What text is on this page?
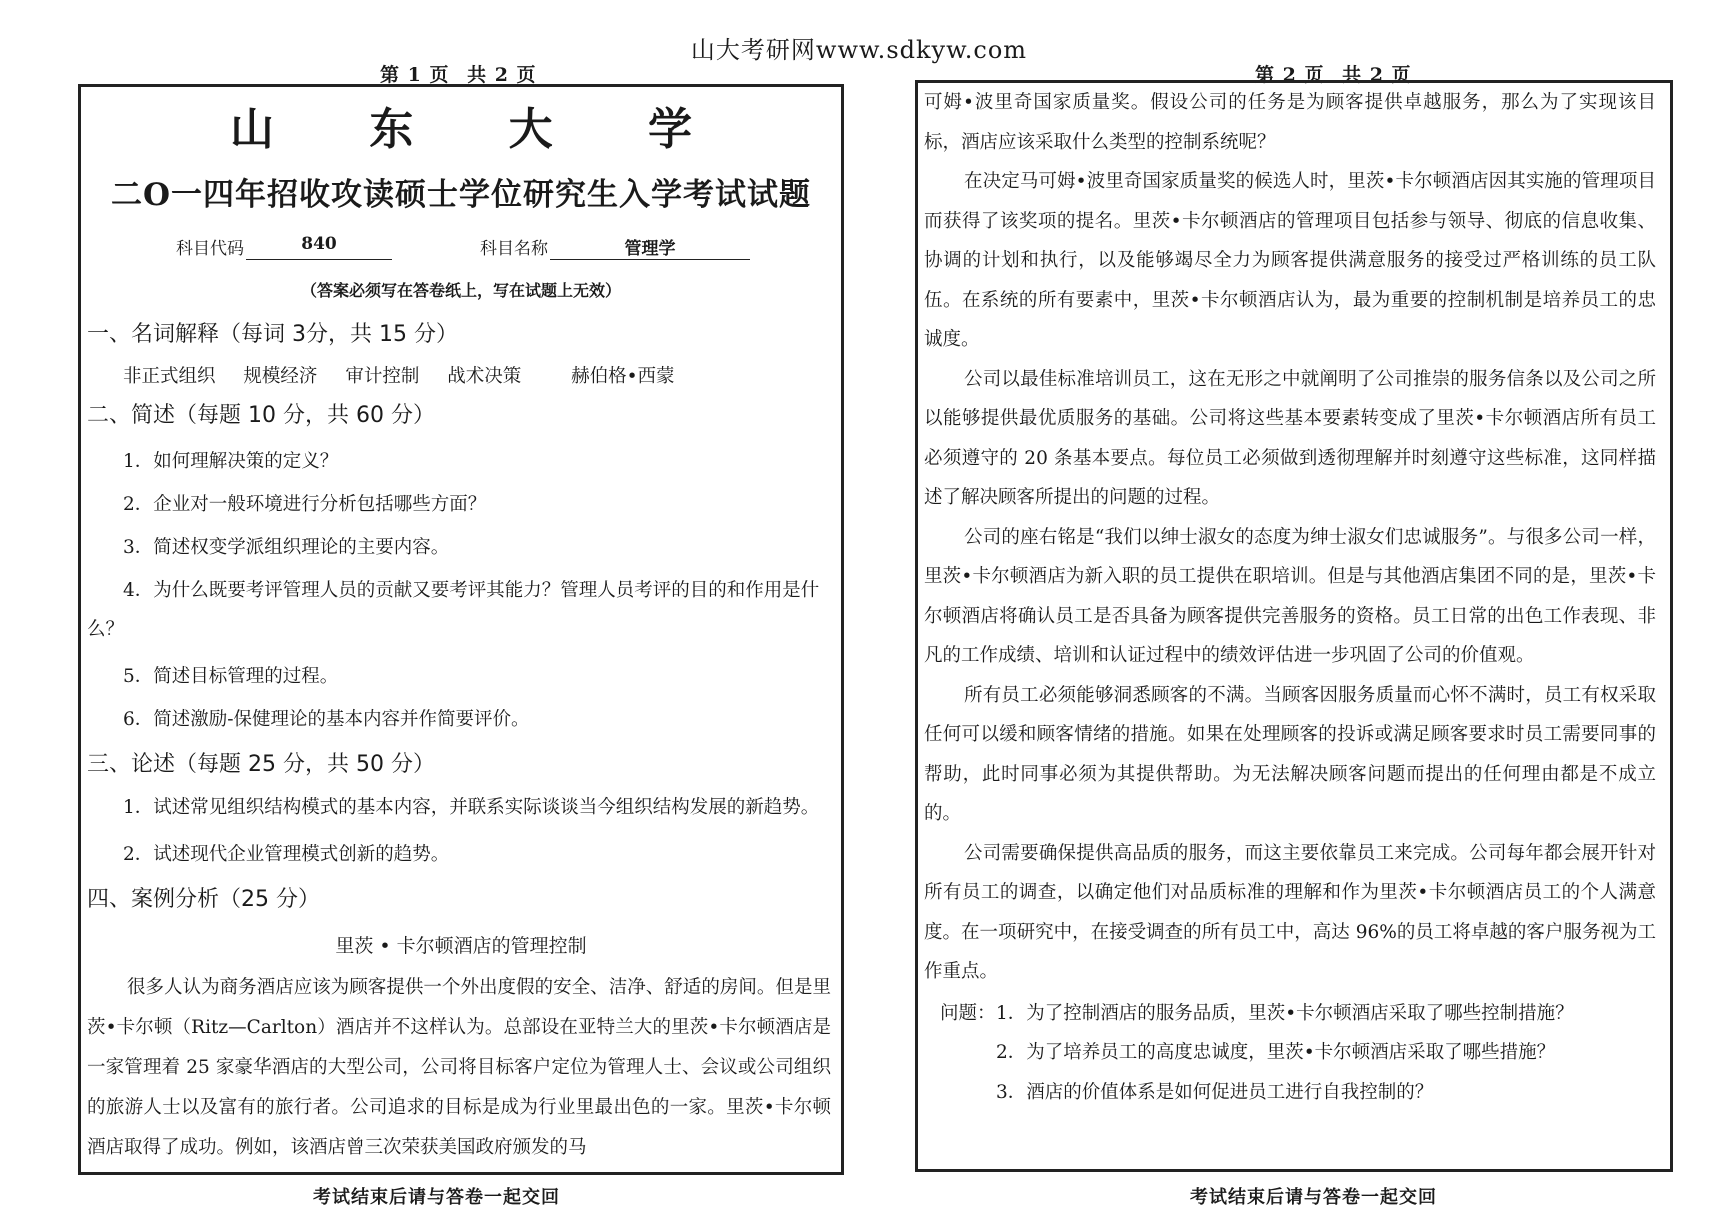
山大考研网www.sdkyw.com
第 1 页 共 2 页	第 2 页 共 2 页
山 东 大 学
二O一四年招收攻读硕士学位研究生入学考试试题
科目代码	840	科目名称	管理学
（答案必须写在答卷纸上，写在试题上无效）
一、名词解释（每词 3分，共 15 分）
非正式组织 规模经济 审计控制 战术决策	赫伯格•西蒙
二、简述（每题 10 分，共 60 分）
1．如何理解决策的定义？
2．企业对一般环境进行分析包括哪些方面？
3．简述权变学派组织理论的主要内容。
4．为什么既要考评管理人员的贡献又要考评其能力？管理人员考评的目的和作用是什么？
5．简述目标管理的过程。
6．简述激励-保健理论的基本内容并作简要评价。
三、论述（每题 25 分，共 50 分）
1．试述常见组织结构模式的基本内容，并联系实际谈谈当今组织结构发展的新趋势。
2．试述现代企业管理模式创新的趋势。
四、案例分析（25 分）
里茨 • 卡尔顿酒店的管理控制
很多人认为商务酒店应该为顾客提供一个外出度假的安全、洁净、舒适的房间。但是里茨•卡尔顿（Ritz—Carlton）酒店并不这样认为。总部设在亚特兰大的里茨•卡尔顿酒店是一家管理着 25 家豪华酒店的大型公司，公司将目标客户定位为管理人士、会议或公司组织的旅游人士以及富有的旅行者。公司追求的目标是成为行业里最出色的一家。里茨•卡尔顿酒店取得了成功。例如，该酒店曾三次荣获美国政府颁发的马
考试结束后请与答卷一起交回

可姆•波里奇国家质量奖。假设公司的任务是为顾客提供卓越服务，那么为了实现该目标，酒店应该采取什么类型的控制系统呢？

在决定马可姆•波里奇国家质量奖的候选人时，里茨•卡尔顿酒店因其实施的管理项目而获得了该奖项的提名。里茨•卡尔顿酒店的管理项目包括参与领导、彻底的信息收集、协调的计划和执行，以及能够竭尽全力为顾客提供满意服务的接受过严格训练的员工队伍。在系统的所有要素中，里茨•卡尔顿酒店认为，最为重要的控制机制是培养员工的忠诚度。

公司以最佳标准培训员工，这在无形之中就阐明了公司推崇的服务信条以及公司之所以能够提供最优质服务的基础。公司将这些基本要素转变成了里茨•卡尔顿酒店所有员工必须遵守的 20 条基本要点。每位员工必须做到透彻理解并时刻遵守这些标准，这同样描述了解决顾客所提出的问题的过程。

公司的座右铭是“我们以绅士淑女的态度为绅士淑女们忠诚服务”。与很多公司一样，里茨•卡尔顿酒店为新入职的员工提供在职培训。但是与其他酒店集团不同的是，里茨•卡尔顿酒店将确认员工是否具备为顾客提供完善服务的资格。员工日常的出色工作表现、非凡的工作成绩、培训和认证过程中的绩效评估进一步巩固了公司的价值观。

所有员工必须能够洞悉顾客的不满。当顾客因服务质量而心怀不满时，员工有权采取任何可以缓和顾客情绪的措施。如果在处理顾客的投诉或满足顾客要求时员工需要同事的帮助，此时同事必须为其提供帮助。为无法解决顾客问题而提出的任何理由都是不成立的。

公司需要确保提供高品质的服务，而这主要依靠员工来完成。公司每年都会展开针对所有员工的调查，以确定他们对品质标准的理解和作为里茨•卡尔顿酒店员工的个人满意度。在一项研究中，在接受调查的所有员工中，高达 96%的员工将卓越的客户服务视为工作重点。

问题： 1．为了控制酒店的服务品质，里茨•卡尔顿酒店采取了哪些控制措施？
2．为了培养员工的高度忠诚度，里茨•卡尔顿酒店采取了哪些措施？
3．酒店的价值体系是如何促进员工进行自我控制的？
考试结束后请与答卷一起交回
